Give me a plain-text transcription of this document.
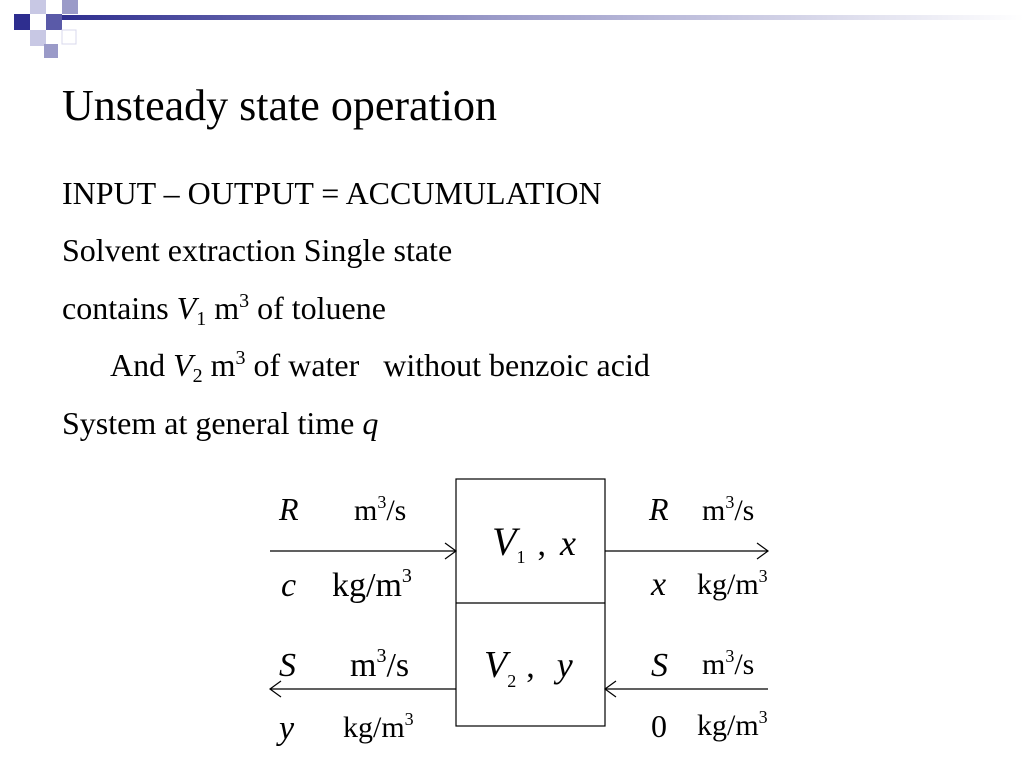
Unsteady state operation
INPUT – OUTPUT = ACCUMULATION
Solvent extraction Single state
contains $V_1$ $m^3$ of toluene
And $V_2$ $m^3$ of water   without benzoic acid
System at general time q
R $m^3/s$
c $kg/m^3$
R $m^3/s$
x $kg/m^3$
$V_1$ , x
$V_2$ , y
S $m^3/s$
y $kg/m^3$
S $m^3/s$
0 $kg/m^3$
